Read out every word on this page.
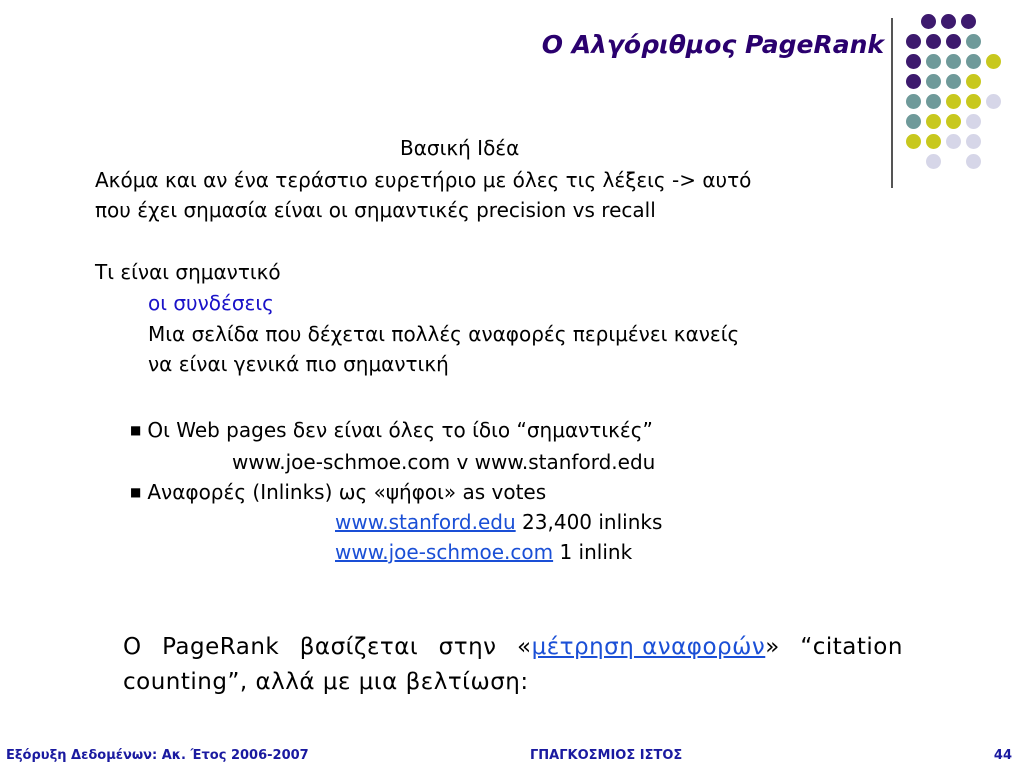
Ο Αλγόριθμος PageRank
Βασική Ιδέα
Ακόμα και αν ένα τεράστιο ευρετήριο με όλες τις λέξεις -> αυτό
που έχει σημασία είναι οι σημαντικές precision vs recall
Τι είναι σημαντικό
οι συνδέσεις
Μια σελίδα που δέχεται πολλές αναφορές περιμένει κανείς
να είναι γενικά πιο σημαντική
■ Οι Web pages δεν είναι όλες το ίδιο “σημαντικές”
www.joe-schmoe.com v www.stanford.edu
■ Αναφορές (Inlinks) ως «ψήφοι» as votes
www.stanford.edu 23,400 inlinks
www.joe-schmoe.com 1 inlink
Ο PageRank βασίζεται στην «μέτρηση αναφορών» “citation
counting”, αλλά με μια βελτίωση:
Εξόρυξη Δεδομένων: Ακ. Έτος 2006-2007	ΓΠΑΓΚΟΣΜΙΟΣ ΙΣΤΟΣ	44
